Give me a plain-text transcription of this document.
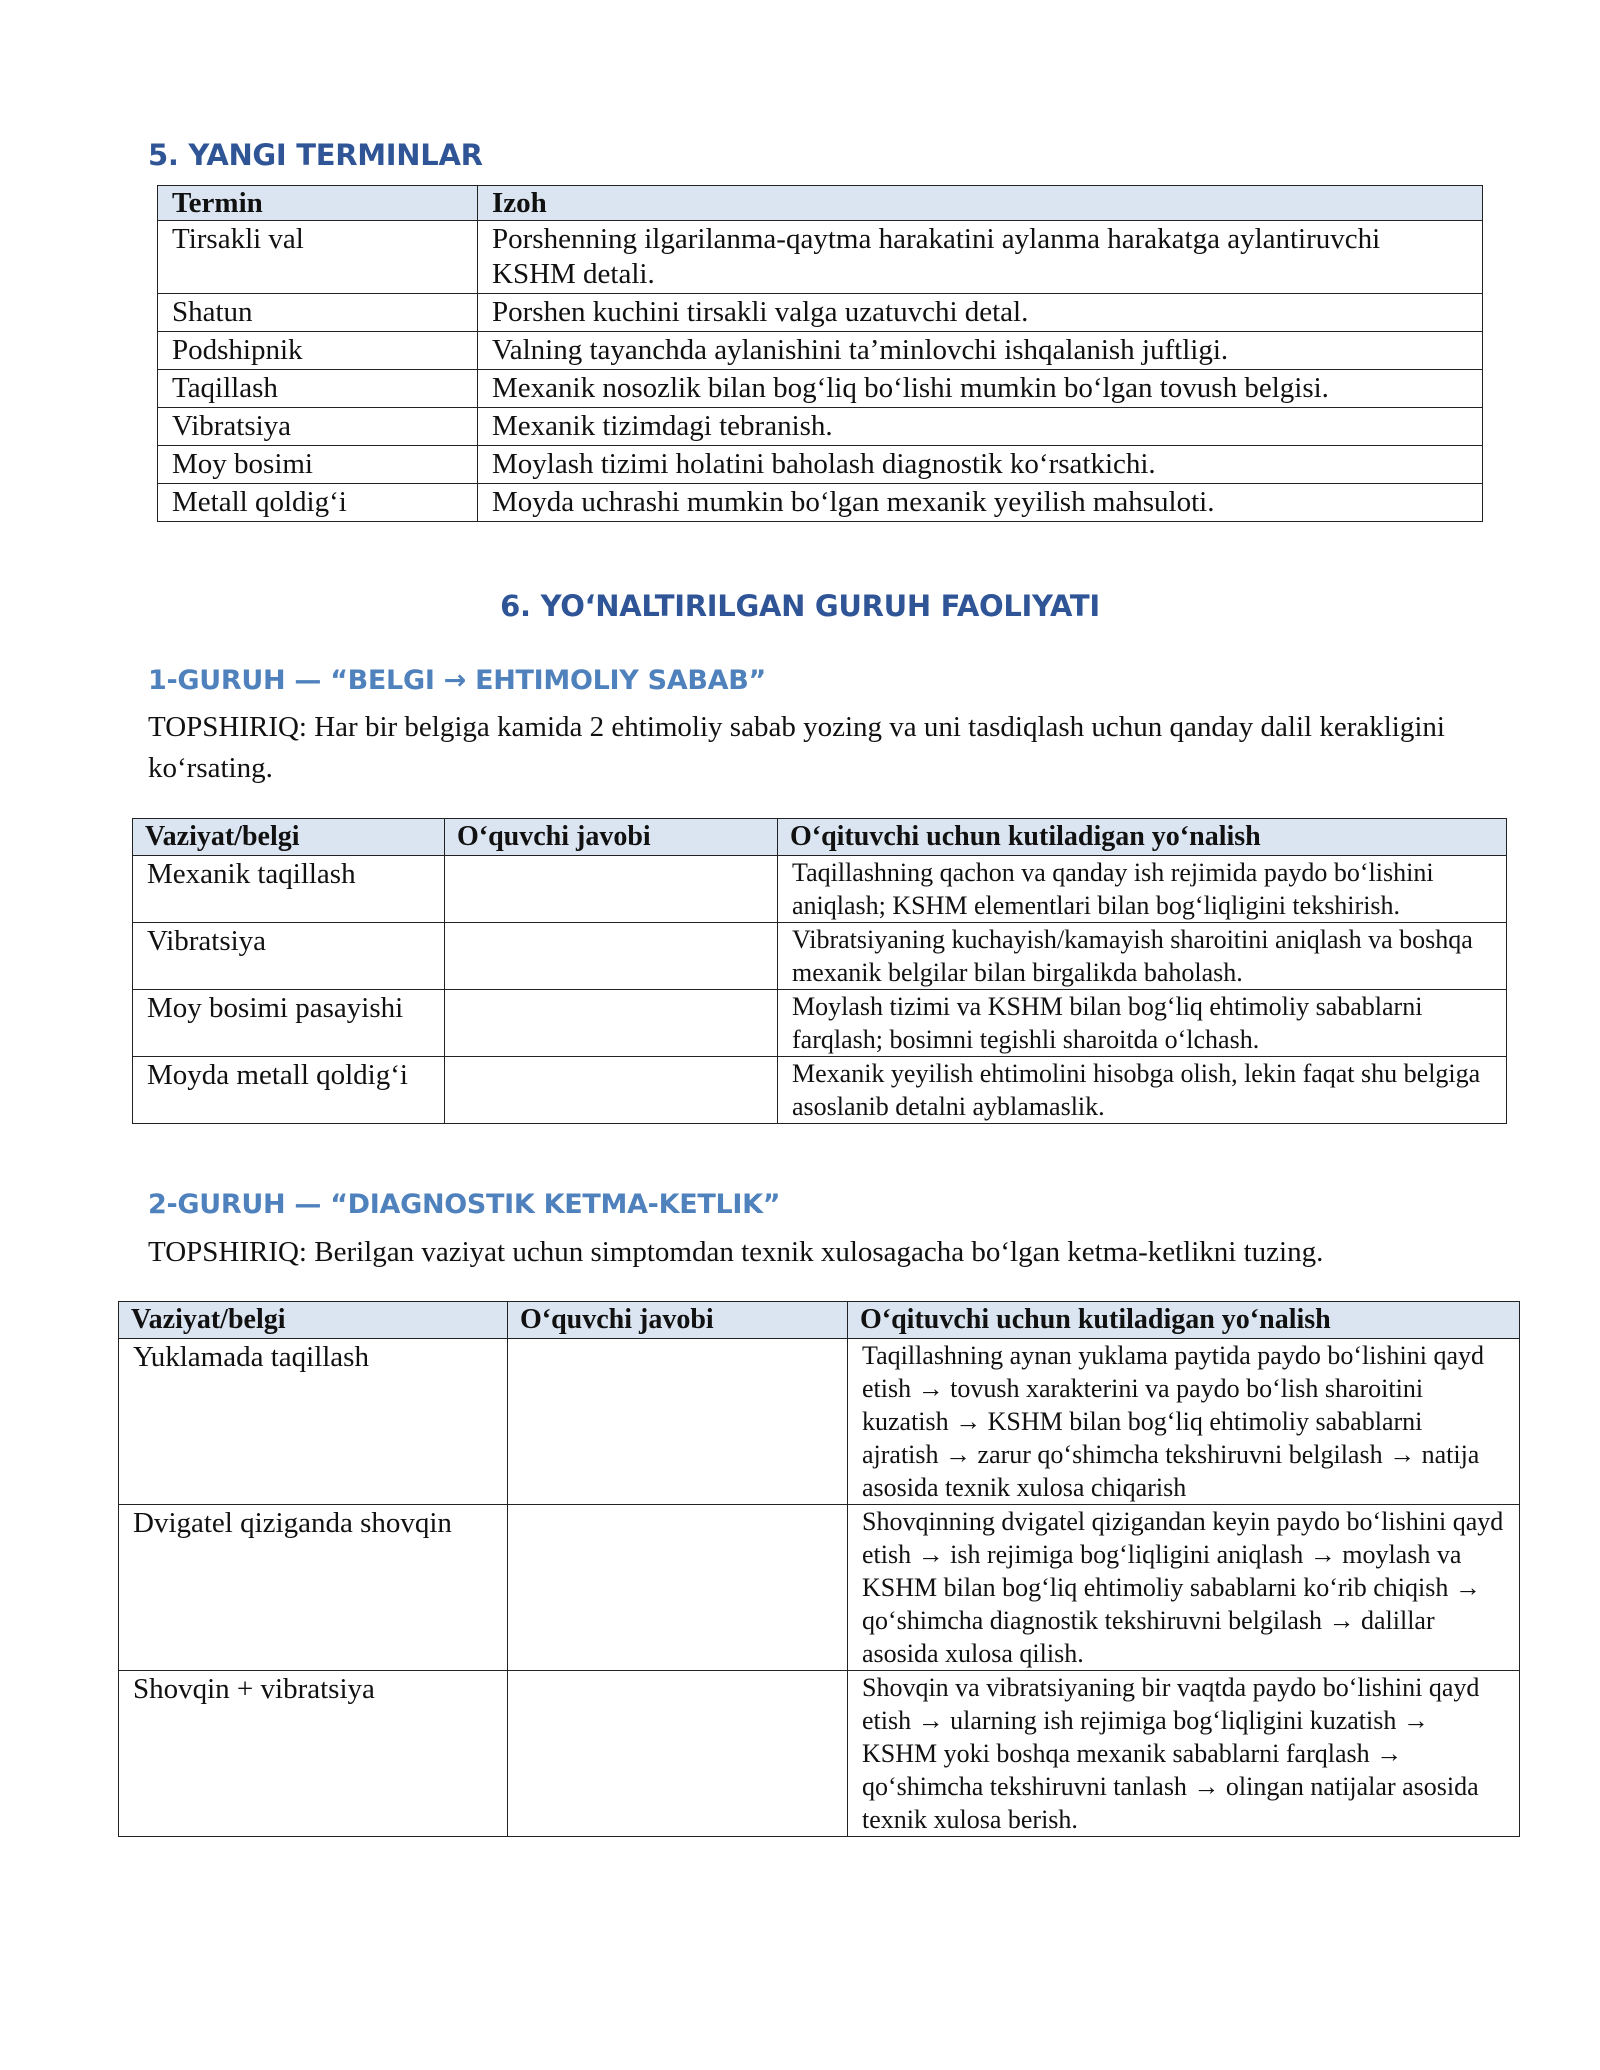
5. YANGI TERMINLAR
Termin	Izoh
Tirsakli val	Porshenning ilgarilanma-qaytma harakatini aylanma harakatga aylantiruvchi KSHM detali.
Shatun	Porshen kuchini tirsakli valga uzatuvchi detal.
Podshipnik	Valning tayanchda aylanishini ta’minlovchi ishqalanish juftligi.
Taqillash	Mexanik nosozlik bilan bog‘liq bo‘lishi mumkin bo‘lgan tovush belgisi.
Vibratsiya	Mexanik tizimdagi tebranish.
Moy bosimi	Moylash tizimi holatini baholash diagnostik ko‘rsatkichi.
Metall qoldig‘i	Moyda uchrashi mumkin bo‘lgan mexanik yeyilish mahsuloti.
6. YO‘NALTIRILGAN GURUH FAOLIYATI
1-GURUH — “BELGI → EHTIMOLIY SABAB”

TOPSHIRIQ: Har bir belgiga kamida 2 ehtimoliy sabab yozing va uni tasdiqlash uchun qanday dalil kerakligini ko‘rsating.

Vaziyat/belgi	O‘quvchi javobi	O‘qituvchi uchun kutiladigan yo‘nalish
Mexanik taqillash		Taqillashning qachon va qanday ish rejimida paydo bo‘lishini aniqlash; KSHM elementlari bilan bog‘liqligini tekshirish.
Vibratsiya		Vibratsiyaning kuchayish/kamayish sharoitini aniqlash va boshqa mexanik belgilar bilan birgalikda baholash.
Moy bosimi pasayishi		Moylash tizimi va KSHM bilan bog‘liq ehtimoliy sabablarni farqlash; bosimni tegishli sharoitda o‘lchash.
Moyda metall qoldig‘i		Mexanik yeyilish ehtimolini hisobga olish, lekin faqat shu belgiga asoslanib detalni ayblamaslik.
2-GURUH — “DIAGNOSTIK KETMA-KETLIK”

TOPSHIRIQ: Berilgan vaziyat uchun simptomdan texnik xulosagacha bo‘lgan ketma-ketlikni tuzing.

Vaziyat/belgi	O‘quvchi javobi	O‘qituvchi uchun kutiladigan yo‘nalish
Yuklamada taqillash		Taqillashning aynan yuklama paytida paydo bo‘lishini qayd etish → tovush xarakterini va paydo bo‘lish sharoitini kuzatish → KSHM bilan bog‘liq ehtimoliy sabablarni ajratish → zarur qo‘shimcha tekshiruvni belgilash → natija asosida texnik xulosa chiqarish
Dvigatel qiziganda shovqin		Shovqinning dvigatel qizigandan keyin paydo bo‘lishini qayd etish → ish rejimiga bog‘liqligini aniqlash → moylash va KSHM bilan bog‘liq ehtimoliy sabablarni ko‘rib chiqish → qo‘shimcha diagnostik tekshiruvni belgilash → dalillar asosida xulosa qilish.
Shovqin + vibratsiya		Shovqin va vibratsiyaning bir vaqtda paydo bo‘lishini qayd etish → ularning ish rejimiga bog‘liqligini kuzatish → KSHM yoki boshqa mexanik sabablarni farqlash → qo‘shimcha tekshiruvni tanlash → olingan natijalar asosida texnik xulosa berish.
